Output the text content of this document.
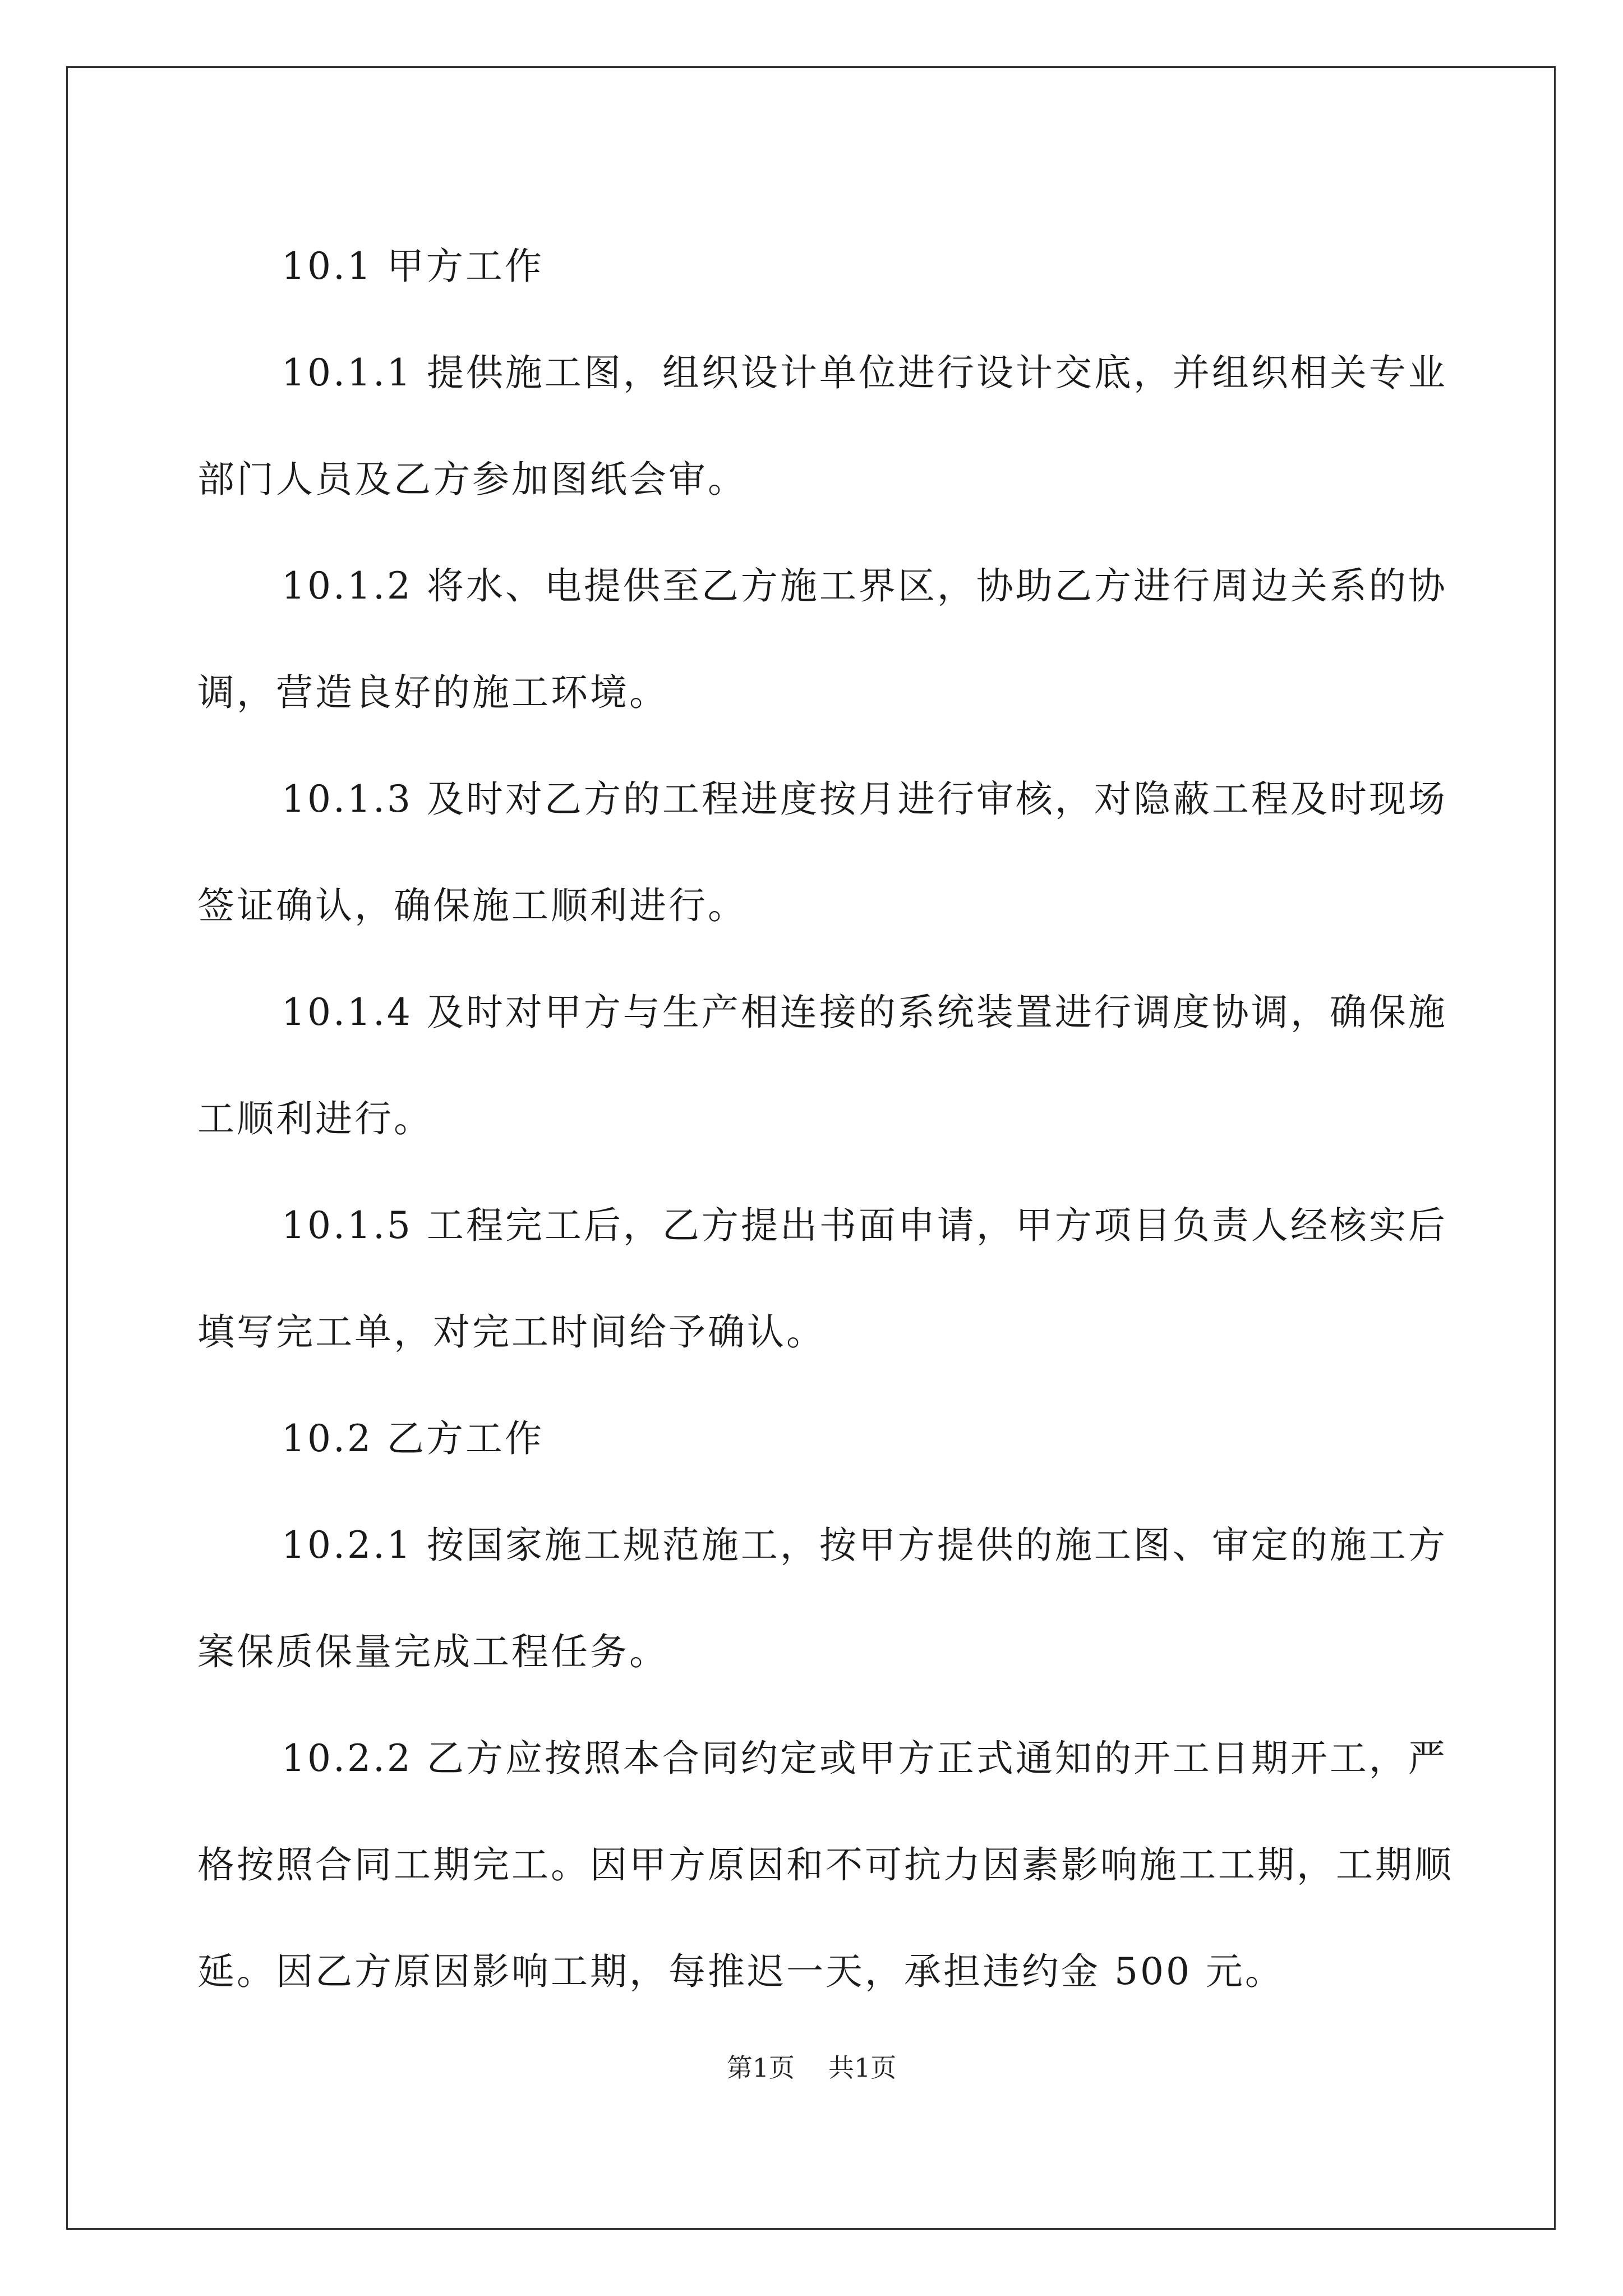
10.1 甲方工作

10.1.1 提供施工图，组织设计单位进行设计交底，并组织相关专业部门人员及乙方参加图纸会审。

10.1.2 将水、电提供至乙方施工界区，协助乙方进行周边关系的协调，营造良好的施工环境。

10.1.3 及时对乙方的工程进度按月进行审核，对隐蔽工程及时现场签证确认，确保施工顺利进行。

10.1.4 及时对甲方与生产相连接的系统装置进行调度协调，确保施工顺利进行。

10.1.5 工程完工后，乙方提出书面申请，甲方项目负责人经核实后填写完工单，对完工时间给予确认。

10.2 乙方工作

10.2.1 按国家施工规范施工，按甲方提供的施工图、审定的施工方案保质保量完成工程任务。

10.2.2 乙方应按照本合同约定或甲方正式通知的开工日期开工，严格按照合同工期完工。因甲方原因和不可抗力因素影响施工工期，工期顺延。因乙方原因影响工期，每推迟一天，承担违约金 500 元。

第1页 共1页
